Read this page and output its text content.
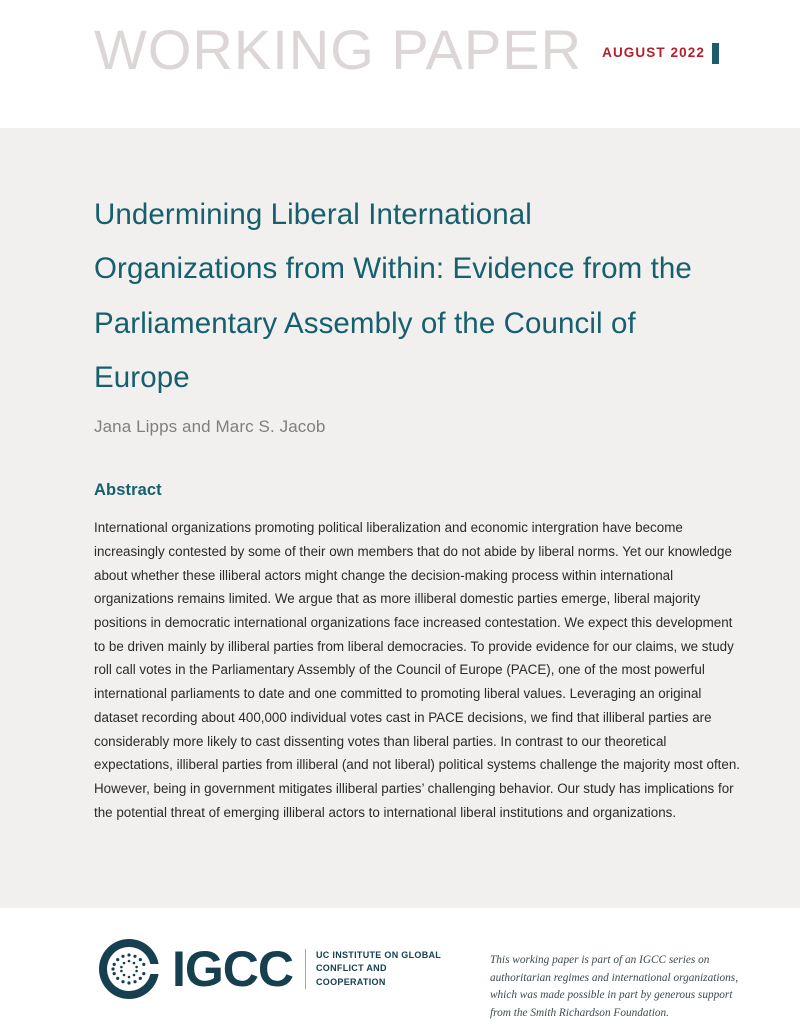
WORKING PAPER AUGUST 2022
Undermining Liberal International Organizations from Within: Evidence from the Parliamentary Assembly of the Council of Europe
Jana Lipps and Marc S. Jacob
Abstract
International organizations promoting political liberalization and economic intergration have become increasingly contested by some of their own members that do not abide by liberal norms. Yet our knowledge about whether these illiberal actors might change the decision-making process within international organizations remains limited. We argue that as more illiberal domestic parties emerge, liberal majority positions in democratic international organizations face increased contestation. We expect this development to be driven mainly by illiberal parties from liberal democracies. To provide evidence for our claims, we study roll call votes in the Parliamentary Assembly of the Council of Europe (PACE), one of the most powerful international parliaments to date and one committed to promoting liberal values. Leveraging an original dataset recording about 400,000 individual votes cast in PACE decisions, we find that illiberal parties are considerably more likely to cast dissenting votes than liberal parties. In contrast to our theoretical expectations, illiberal parties from illiberal (and not liberal) political systems challenge the majority most often. However, being in government mitigates illiberal parties’ challenging behavior. Our study has implications for the potential threat of emerging illiberal actors to international liberal institutions and organizations.
IGCC	UC INSTITUTE ON GLOBAL CONFLICT AND COOPERATION
This working paper is part of an IGCC series on authoritarian regimes and international organizations, which was made possible in part by generous support from the Smith Richardson Foundation.
